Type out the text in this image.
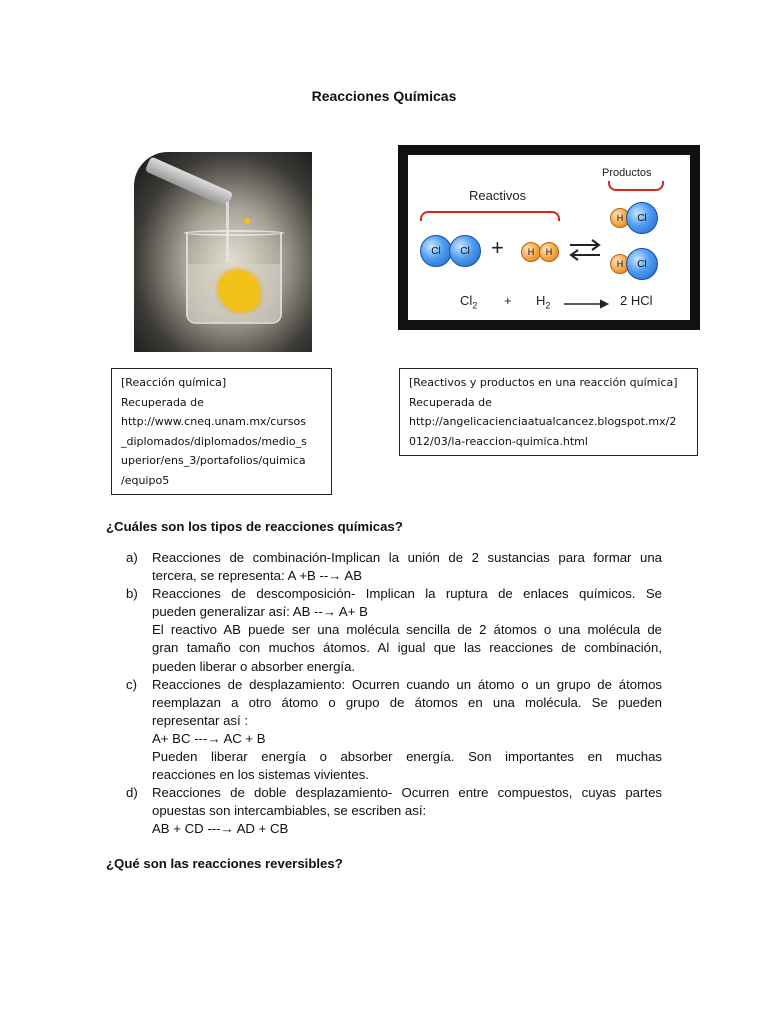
Reacciones Químicas
Reactivos
Productos
Cl Cl +	H H ⇌
H Cl
H Cl
$Cl_2 + H_2 \to 2$ HCl
[Reacción química]
Recuperada de
http://www.cneq.unam.mx/cursos
_diplomados/diplomados/medio_s
uperior/ens_3/portafolios/quimica
/equipo5
[Reactivos y productos en una reacción química]
Recuperada de
http://angelicacienciaatualcancez.blogspot.mx/2
012/03/la-reaccion-quimica.html
¿Cuáles son los tipos de reacciones químicas?
a) Reacciones de combinación-Implican la unión de 2 sustancias para formar una
tercera, se representa: A +B --→ AB
b) Reacciones de descomposición- Implican la ruptura de enlaces químicos. Se
pueden generalizar así: AB --→ A+ B
El reactivo AB puede ser una molécula sencilla de 2 átomos o una molécula de
gran tamaño con muchos átomos. Al igual que las reacciones de combinación,
pueden liberar o absorber energía.
c) Reacciones de desplazamiento: Ocurren cuando un átomo o un grupo de átomos
reemplazan a otro átomo o grupo de átomos en una molécula. Se pueden
representar así :
A+ BC ---→ AC + B
Pueden liberar energía o absorber energía. Son importantes en muchas
reacciones en los sistemas vivientes.
d) Reacciones de doble desplazamiento- Ocurren entre compuestos, cuyas partes
opuestas son intercambiables, se escriben así:
AB + CD ---→ AD + CB
¿Qué son las reacciones reversibles?
